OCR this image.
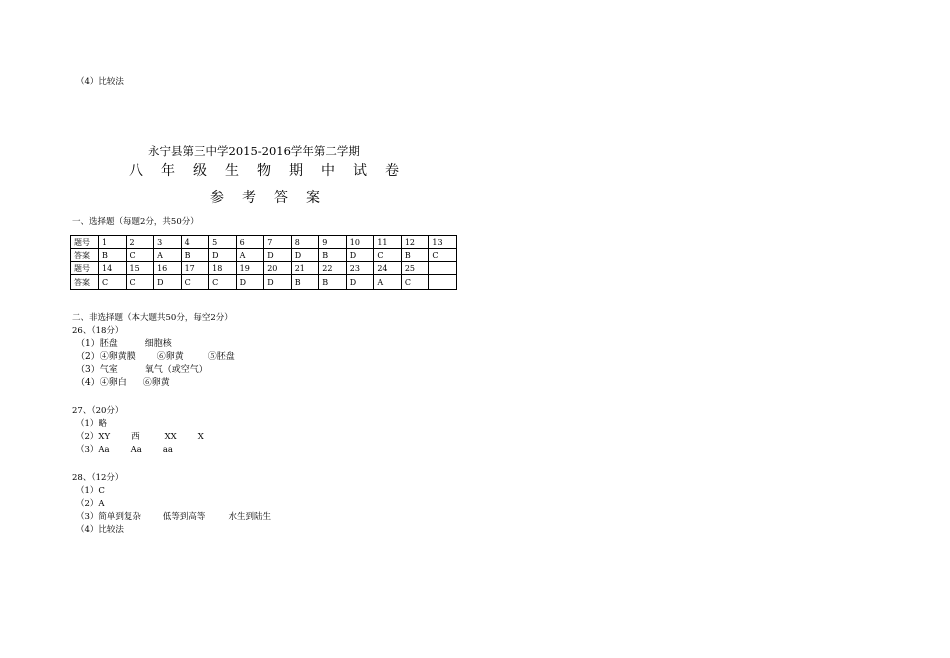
（4）比较法
永宁县第三中学2015-2016学年第二学期
八年级生物期中试卷
参考答案
一、选择题（每题2分，共50分）
题号	1	2	3	4	5	6	7	8	9	10	11	12	13
答案	B	C	A	B	D	A	D	D	B	D	C	B	C
题号	14	15	16	17	18	19	20	21	22	23	24	25	
答案	C	C	D	C	C	D	D	B	B	D	A	C	
二、非选择题（本大题共50分，每空2分）
26、（18分）
（1）胚盘	细胞核
（2）④卵黄膜 ⑥卵黄	⑤胚盘
（3）气室	氧气（或空气）
（4）④卵白 ⑥卵黄
27、（20分）
（1）略
（2）XY 西	XX X
（3）Aa Aa aa
28、（12分）
（1）C
（2）A
（3）简单到复杂	低等到高等	水生到陆生
（4）比较法
